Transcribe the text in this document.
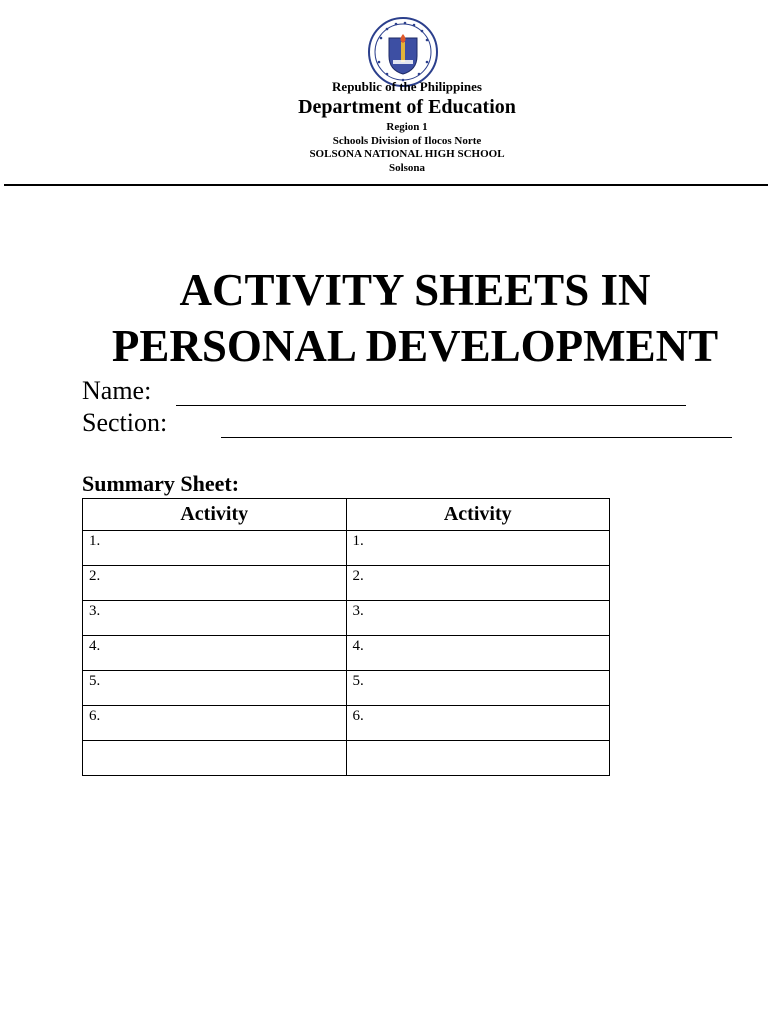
Republic of the Philippines
Department of Education
Region 1
Schools Division of Ilocos Norte
SOLSONA NATIONAL HIGH SCHOOL
Solsona
ACTIVITY SHEETS IN
PERSONAL DEVELOPMENT
Name:
Section:
Summary Sheet:
Activity	Activity
1.	1.
2.	2.
3.	3.
4.	4.
5.	5.
6.	6.
